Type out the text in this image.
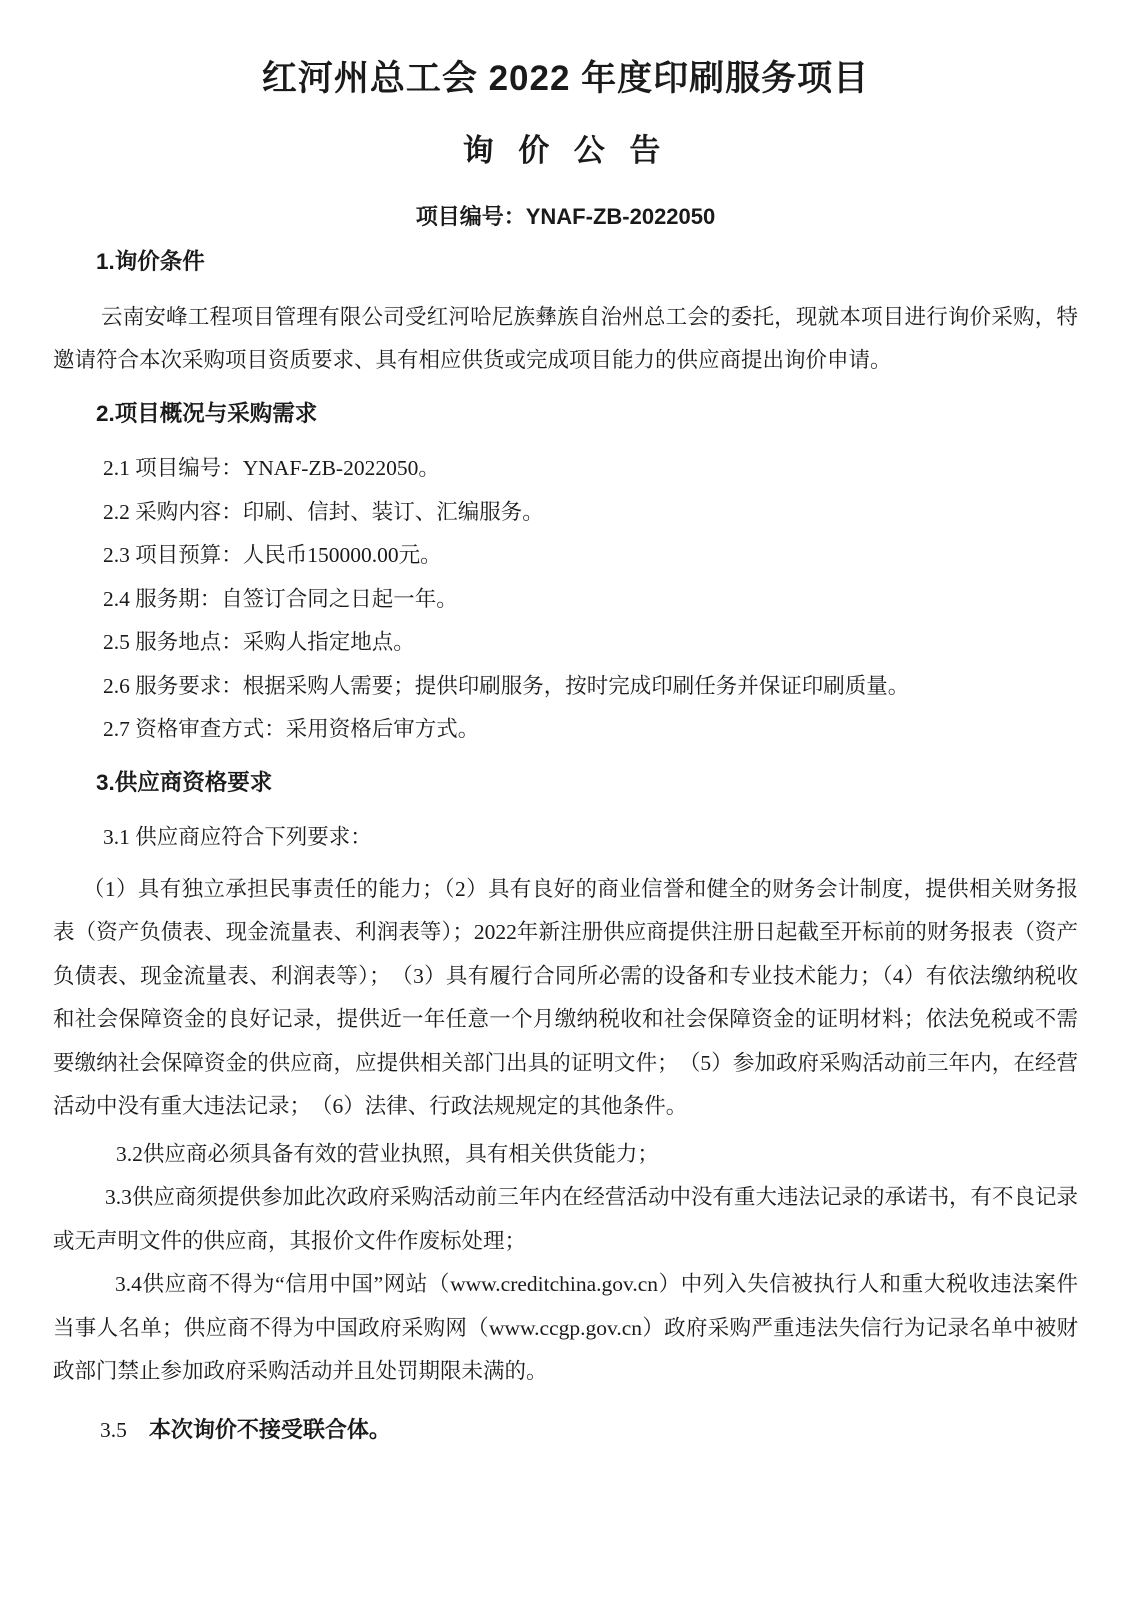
红河州总工会 2022 年度印刷服务项目
询 价 公 告
项目编号：YNAF-ZB-2022050
1.询价条件

云南安峰工程项目管理有限公司受红河哈尼族彝族自治州总工会的委托，现就本项目进行询价采购，特邀请符合本次采购项目资质要求、具有相应供货或完成项目能力的供应商提出询价申请。

2.项目概况与采购需求

2.1 项目编号：YNAF-ZB-2022050。

2.2 采购内容：印刷、信封、装订、汇编服务。

2.3 项目预算：人民币150000.00元。

2.4 服务期：自签订合同之日起一年。

2.5 服务地点：采购人指定地点。

2.6 服务要求：根据采购人需要；提供印刷服务，按时完成印刷任务并保证印刷质量。

2.7 资格审查方式：采用资格后审方式。

3.供应商资格要求

3.1 供应商应符合下列要求：

（1）具有独立承担民事责任的能力；（2）具有良好的商业信誉和健全的财务会计制度，提供相关财务报表（资产负债表、现金流量表、利润表等）；2022年新注册供应商提供注册日起截至开标前的财务报表（资产负债表、现金流量表、利润表等）；　（3）具有履行合同所必需的设备和专业技术能力；（4）有依法缴纳税收和社会保障资金的良好记录，提供近一年任意一个月缴纳税收和社会保障资金的证明材料；依法免税或不需要缴纳社会保障资金的供应商，应提供相关部门出具的证明文件；　（5）参加政府采购活动前三年内，在经营活动中没有重大违法记录；　（6）法律、行政法规规定的其他条件。

3.2供应商必须具备有效的营业执照，具有相关供货能力；

3.3供应商须提供参加此次政府采购活动前三年内在经营活动中没有重大违法记录的承诺书，有不良记录或无声明文件的供应商，其报价文件作废标处理；

3.4供应商不得为“信用中国”网站（www.creditchina.gov.cn）中列入失信被执行人和重大税收违法案件当事人名单；供应商不得为中国政府采购网（www.ccgp.gov.cn）政府采购严重违法失信行为记录名单中被财政部门禁止参加政府采购活动并且处罚期限未满的。

3.5 本次询价不接受联合体。
